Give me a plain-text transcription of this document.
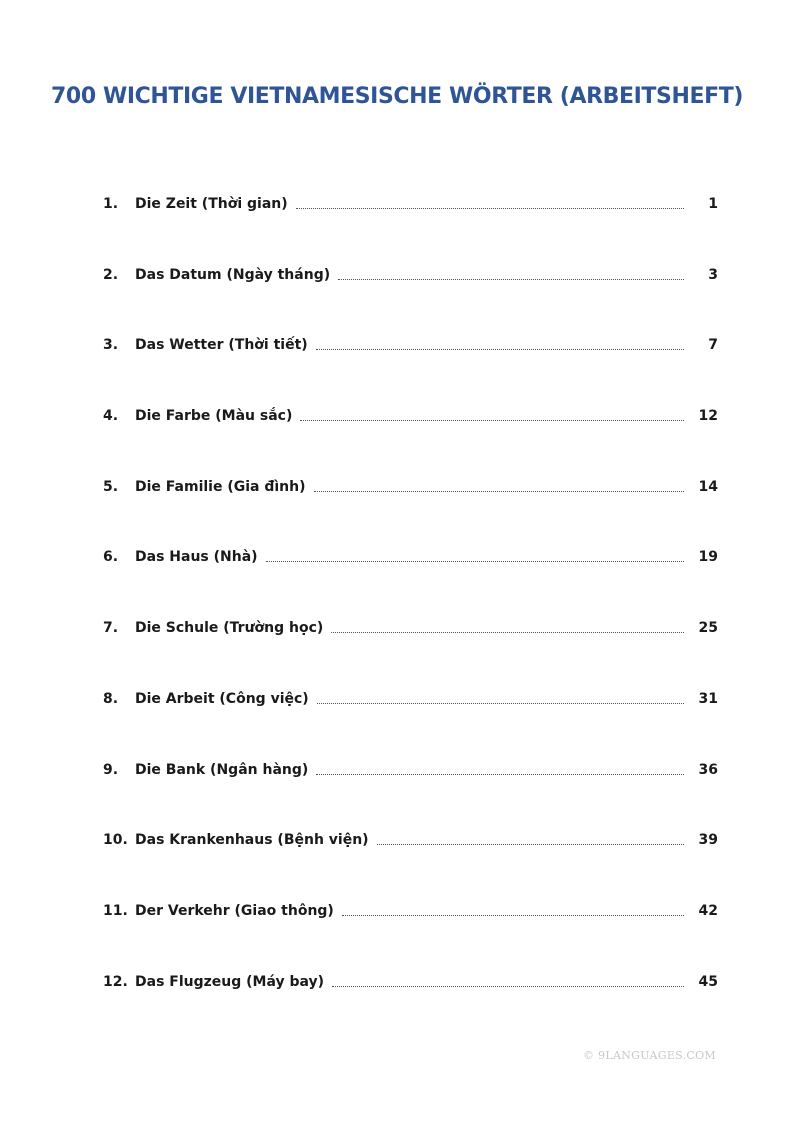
700 WICHTIGE VIETNAMESISCHE WÖRTER (ARBEITSHEFT)
1.	Die Zeit (Thời gian)	1
2.	Das Datum (Ngày tháng)	3
3.	Das Wetter (Thời tiết)	7
4.	Die Farbe (Màu sắc)	12
5.	Die Familie (Gia đình)	14
6.	Das Haus (Nhà)	19
7.	Die Schule (Trường học)	25
8.	Die Arbeit (Công việc)	31
9.	Die Bank (Ngân hàng)	36
10. Das Krankenhaus (Bệnh viện)	39
11. Der Verkehr (Giao thông)	42
12. Das Flugzeug (Máy bay)	45
© 9LANGUAGES.COM
